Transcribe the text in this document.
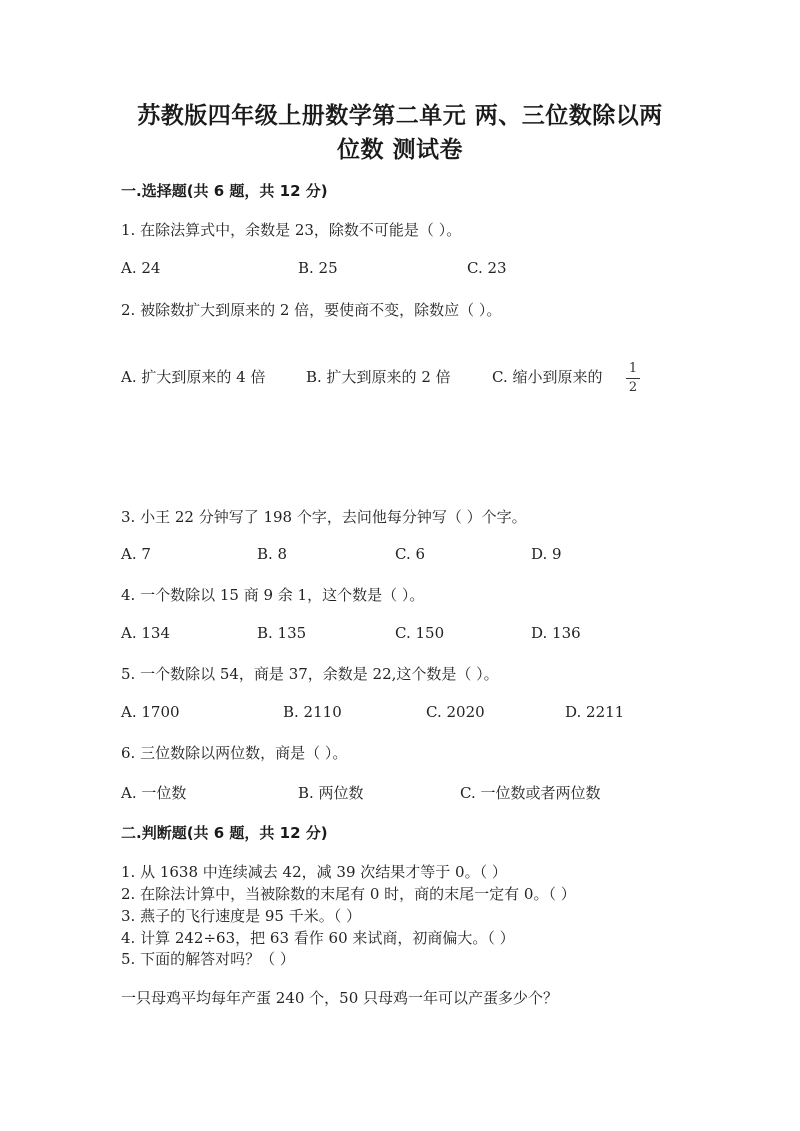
苏教版四年级上册数学第二单元 两、三位数除以两
位数 测试卷
一.选择题(共 6 题，共 12 分)
1. 在除法算式中，余数是 23，除数不可能是（ ）。
A. 24	B. 25	C. 23
2. 被除数扩大到原来的 2 倍，要使商不变，除数应（ ）。
A. 扩大到原来的 4 倍	B. 扩大到原来的 2 倍	C. 缩小到原来的 1
2
3. 小王 22 分钟写了 198 个字，去问他每分钟写（ ）个字。
A. 7	B. 8	C. 6	D. 9
4. 一个数除以 15 商 9 余 1，这个数是（ ）。
A. 134	B. 135	C. 150	D. 136
5. 一个数除以 54，商是 37，余数是 22,这个数是（ ）。
A. 1700	B. 2110	C. 2020	D. 2211
6. 三位数除以两位数，商是（ ）。
A. 一位数	B. 两位数	C. 一位数或者两位数
二.判断题(共 6 题，共 12 分)
1. 从 1638 中连续减去 42，减 39 次结果才等于 0。（ ）
2. 在除法计算中，当被除数的末尾有 0 时，商的末尾一定有 0。（ ）
3. 燕子的飞行速度是 95 千米。（ ）
4. 计算 242÷63，把 63 看作 60 来试商，初商偏大。（ ）
5. 下面的解答对吗？（ ）
一只母鸡平均每年产蛋 240 个，50 只母鸡一年可以产蛋多少个？
